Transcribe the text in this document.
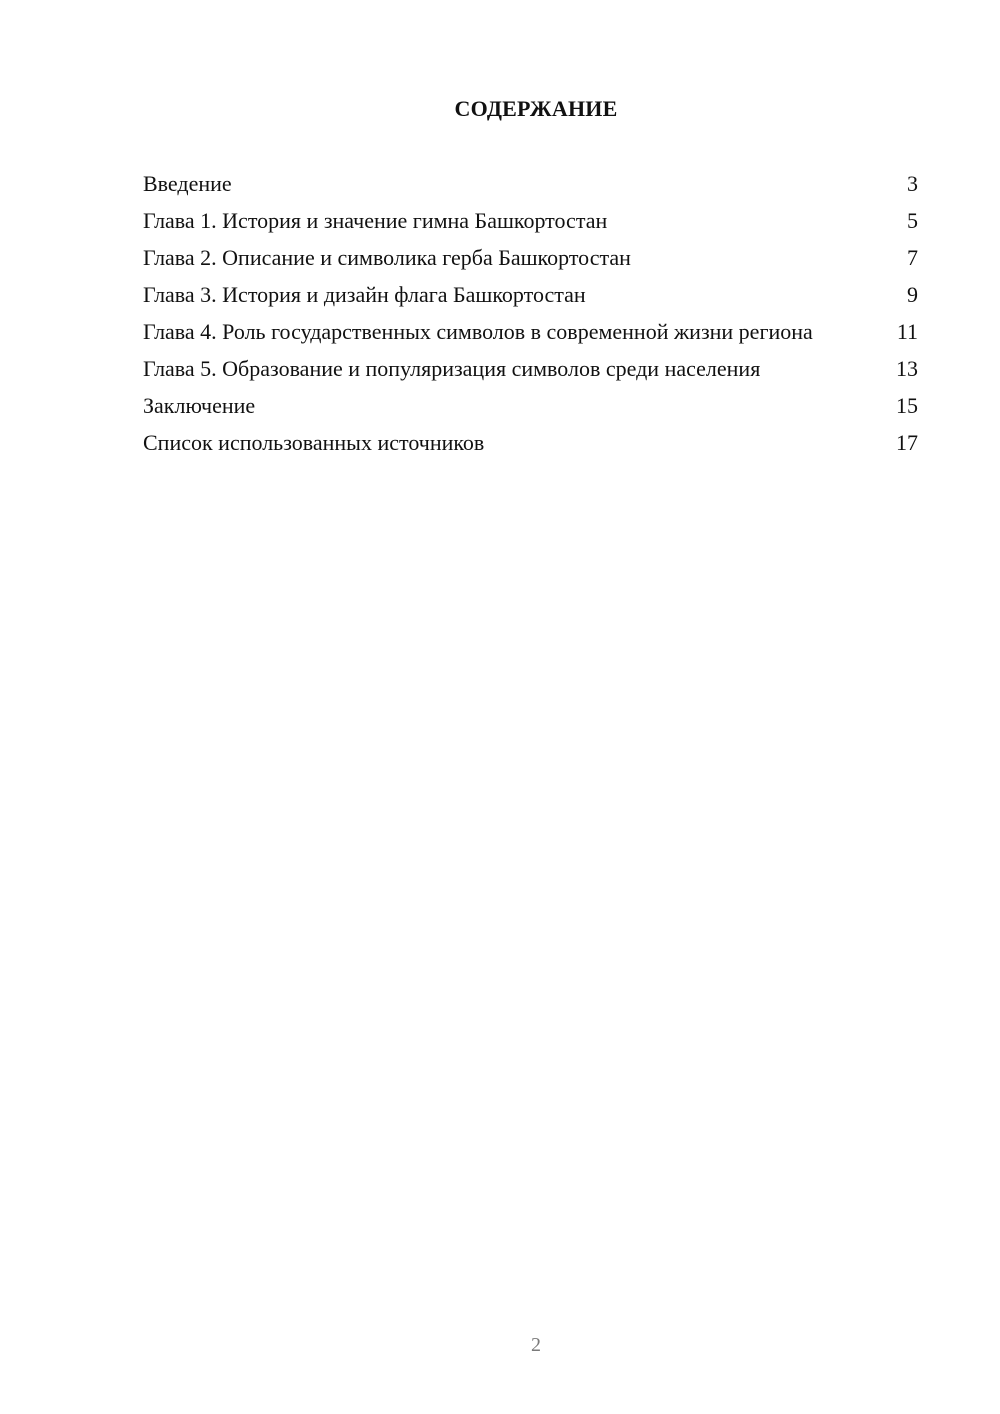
СОДЕРЖАНИЕ
Введение	3
Глава 1. История и значение гимна Башкортостан	5
Глава 2. Описание и символика герба Башкортостан	7
Глава 3. История и дизайн флага Башкортостан	9
Глава 4. Роль государственных символов в современной жизни региона	11
Глава 5. Образование и популяризация символов среди населения	13
Заключение	15
Список использованных источников	17
2
